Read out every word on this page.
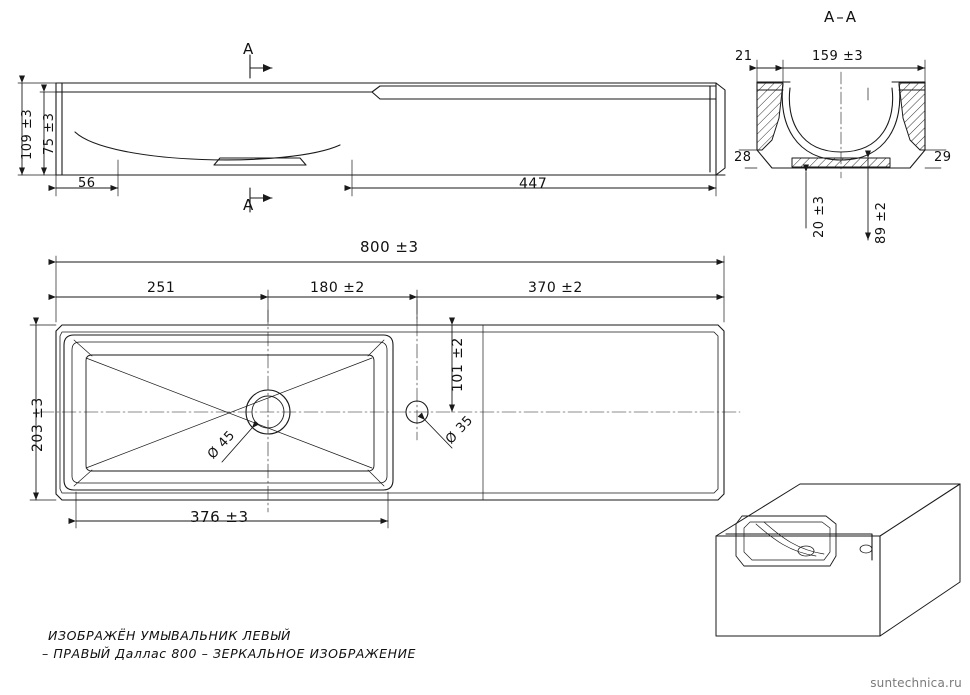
A–A
A
A
109 ±3 75 ±3
56	447
21	159 ±3
28	29
20 ±3	89 ±2
800 ±3
251	180 ±2	370 ±2
203 ±3
101 ±2
376 ±3
Ø 45	Ø 35
ИЗОБРАЖЁН УМЫВАЛЬНИК ЛЕВЫЙ
– ПРАВЫЙ Даллас 800 – ЗЕРКАЛЬНОЕ ИЗОБРАЖЕНИЕ
suntechnica.ru
